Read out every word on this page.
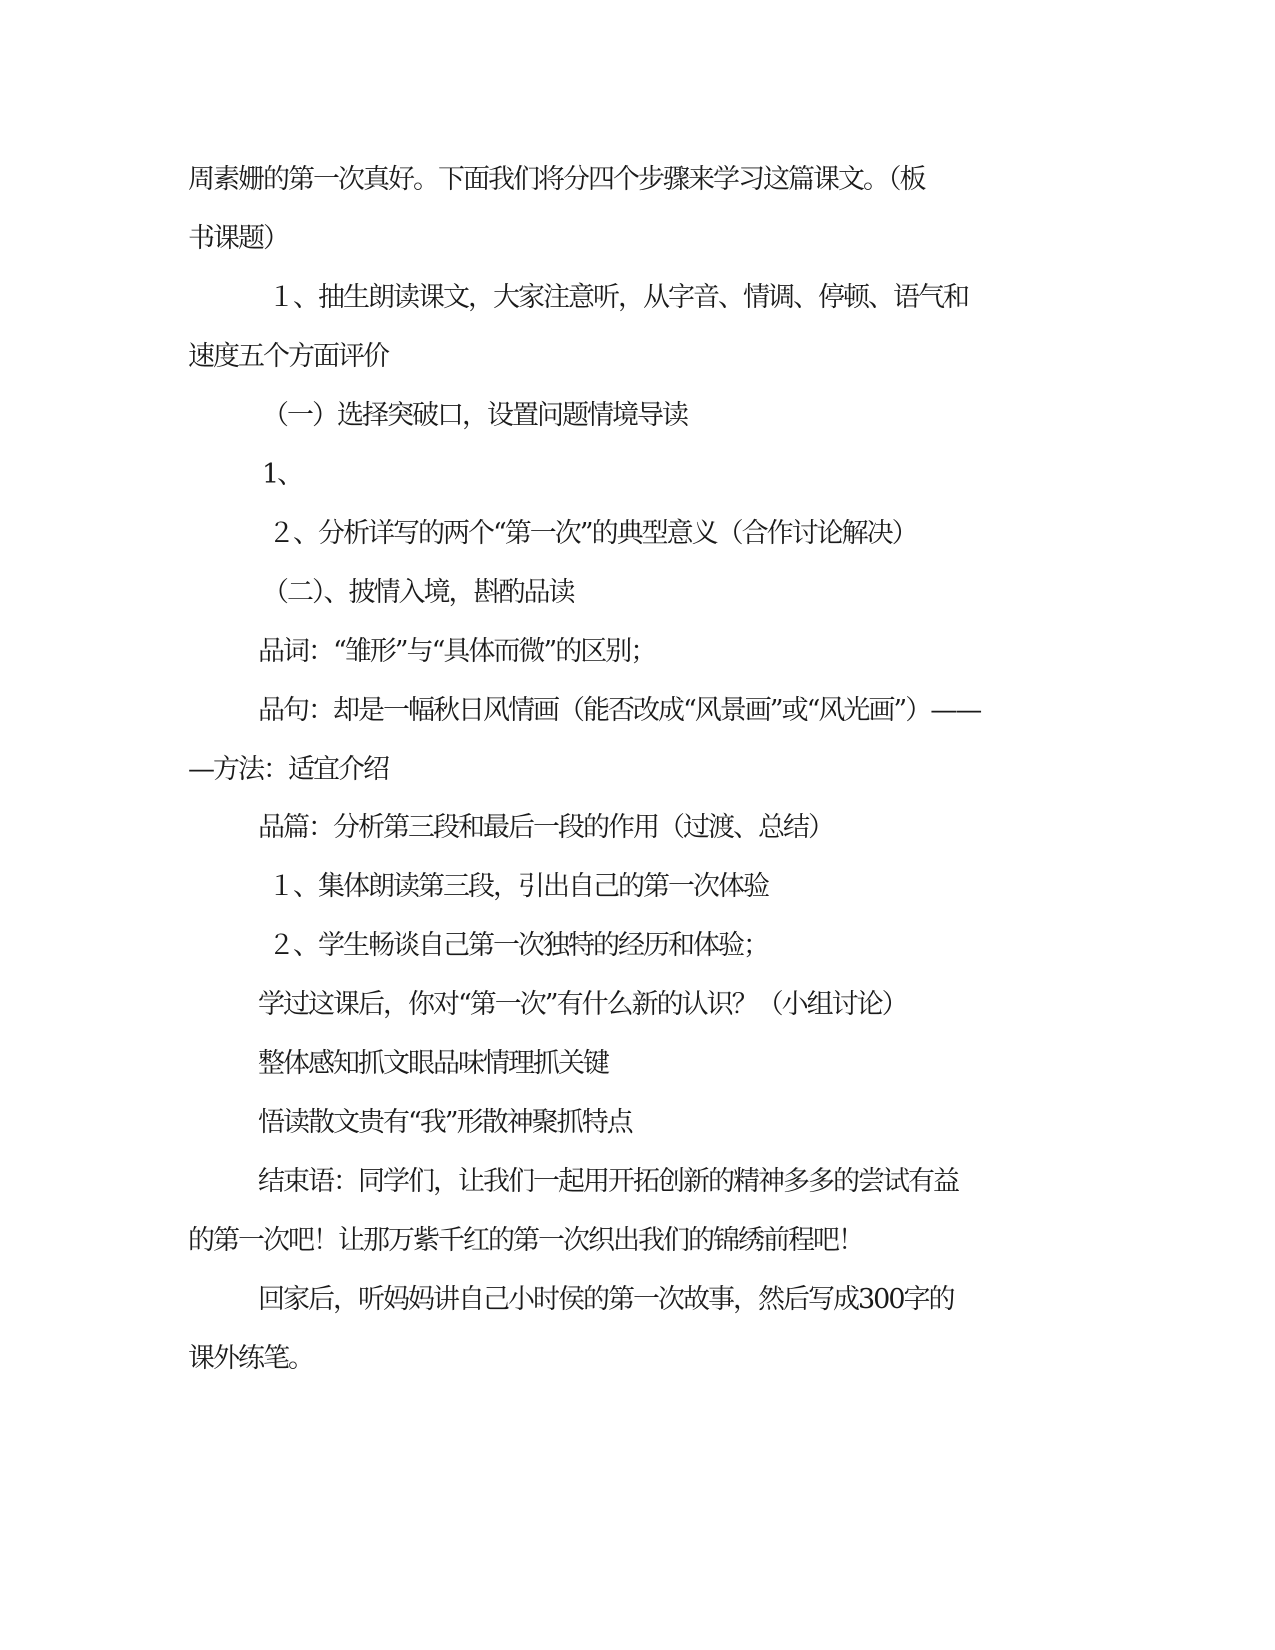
周素姗的第一次真好。下面我们将分四个步骤来学习这篇课文。（板
书课题）
１、抽生朗读课文，大家注意听，从字音、情调、停顿、语气和
速度五个方面评价
（一）选择突破口，设置问题情境导读
1、
２、分析详写的两个“第一次”的典型意义（合作讨论解决）
（二）、披情入境，斟酌品读
品词：“雏形”与“具体而微”的区别；
品句：却是一幅秋日风情画（能否改成“风景画”或“风光画”）——
—方法：适宜介绍
品篇：分析第三段和最后一段的作用（过渡、总结）
１、集体朗读第三段，引出自己的第一次体验
２、学生畅谈自己第一次独特的经历和体验；
学过这课后，你对“第一次”有什么新的认识？（小组讨论）
整体感知抓文眼品味情理抓关键
悟读散文贵有“我”形散神聚抓特点
结束语：同学们，让我们一起用开拓创新的精神多多的尝试有益
的第一次吧！让那万紫千红的第一次织出我们的锦绣前程吧！
回家后，听妈妈讲自己小时侯的第一次故事，然后写成300字的
课外练笔。
